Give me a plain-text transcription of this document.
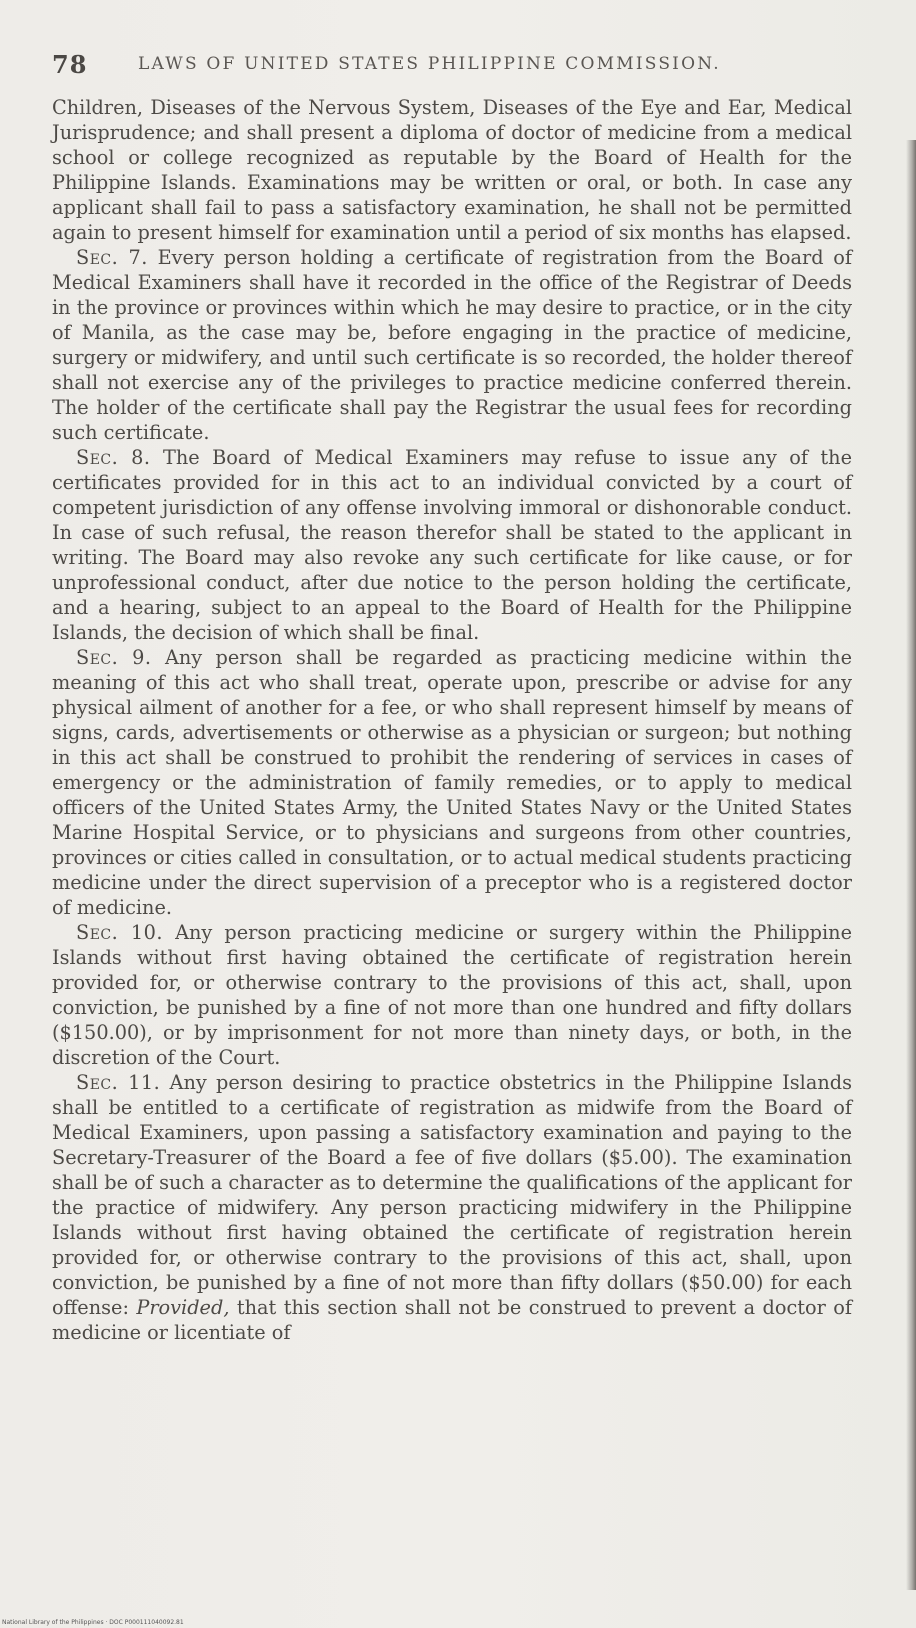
78	LAWS OF UNITED STATES PHILIPPINE COMMISSION.

Children, Diseases of the Nervous System, Diseases of the Eye and Ear, Medical Jurisprudence; and shall present a diploma of doctor of medicine from a medical school or college recognized as reputable by the Board of Health for the Philippine Islands. Examinations may be written or oral, or both. In case any applicant shall fail to pass a satisfactory examination, he shall not be permitted again to present himself for examination until a period of six months has elapsed.

Sec. 7. Every person holding a certificate of registration from the Board of Medical Examiners shall have it recorded in the office of the Registrar of Deeds in the province or provinces within which he may desire to practice, or in the city of Manila, as the case may be, before engaging in the practice of medicine, surgery or midwifery, and until such certificate is so recorded, the holder thereof shall not exercise any of the privileges to practice medicine conferred therein. The holder of the certificate shall pay the Registrar the usual fees for recording such certificate.

Sec. 8. The Board of Medical Examiners may refuse to issue any of the certificates provided for in this act to an individual convicted by a court of competent jurisdiction of any offense involving immoral or dishonorable conduct. In case of such refusal, the reason therefor shall be stated to the applicant in writing. The Board may also revoke any such certificate for like cause, or for unprofessional conduct, after due notice to the person holding the certificate, and a hearing, subject to an appeal to the Board of Health for the Philippine Islands, the decision of which shall be final.

Sec. 9. Any person shall be regarded as practicing medicine within the meaning of this act who shall treat, operate upon, prescribe or advise for any physical ailment of another for a fee, or who shall represent himself by means of signs, cards, advertisements or otherwise as a physician or surgeon; but nothing in this act shall be construed to prohibit the rendering of services in cases of emergency or the administration of family remedies, or to apply to medical officers of the United States Army, the United States Navy or the United States Marine Hospital Service, or to physicians and surgeons from other countries, provinces or cities called in consultation, or to actual medical students practicing medicine under the direct supervision of a preceptor who is a registered doctor of medicine.

Sec. 10. Any person practicing medicine or surgery within the Philippine Islands without first having obtained the certificate of registration herein provided for, or otherwise contrary to the provisions of this act, shall, upon conviction, be punished by a fine of not more than one hundred and fifty dollars ($150.00), or by imprisonment for not more than ninety days, or both, in the discretion of the Court.

Sec. 11. Any person desiring to practice obstetrics in the Philippine Islands shall be entitled to a certificate of registration as midwife from the Board of Medical Examiners, upon passing a satisfactory examination and paying to the Secretary-Treasurer of the Board a fee of five dollars ($5.00). The examination shall be of such a character as to determine the qualifications of the applicant for the practice of midwifery. Any person practicing midwifery in the Philippine Islands without first having obtained the certificate of registration herein provided for, or otherwise contrary to the provisions of this act, shall, upon conviction, be punished by a fine of not more than fifty dollars ($50.00) for each offense: Provided, that this section shall not be construed to prevent a doctor of medicine or licentiate of

National Library of the Philippines · DOC P000111040092.81
